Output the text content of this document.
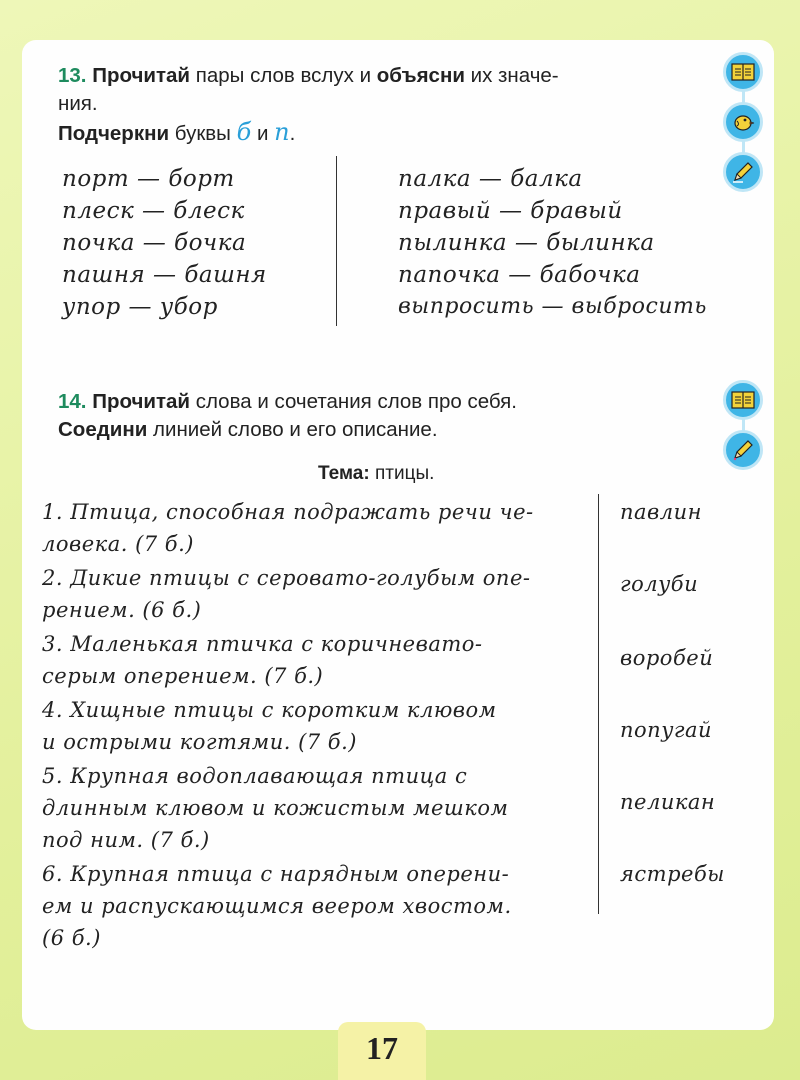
13. Прочитай пары слов вслух и объясни их значе-
ния.
Подчеркни буквы б и п.
порт — борт
плеск — блеск
почка — бочка
пашня — башня
упор — убор
палка — балка
правый — бравый
пылинка — былинка
папочка — бабочка
выпросить — выбросить
14. Прочитай слова и сочетания слов про себя.
Соедини линией слово и его описание.
Тема: птицы.
1. Птица, способная подражать речи че-
ловека. (7 б.)
2. Дикие птицы с серовато-голубым опе-
рением. (6 б.)
3. Маленькая птичка с коричневато-
серым оперением. (7 б.)
4. Хищные птицы с коротким клювом
и острыми когтями. (7 б.)
5. Крупная водоплавающая птица с
длинным клювом и кожистым мешком
под ним. (7 б.)
6. Крупная птица с нарядным оперени-
ем и распускающимся веером хвостом.
(6 б.)
павлин
голуби
воробей
попугай
пеликан
ястребы
17
